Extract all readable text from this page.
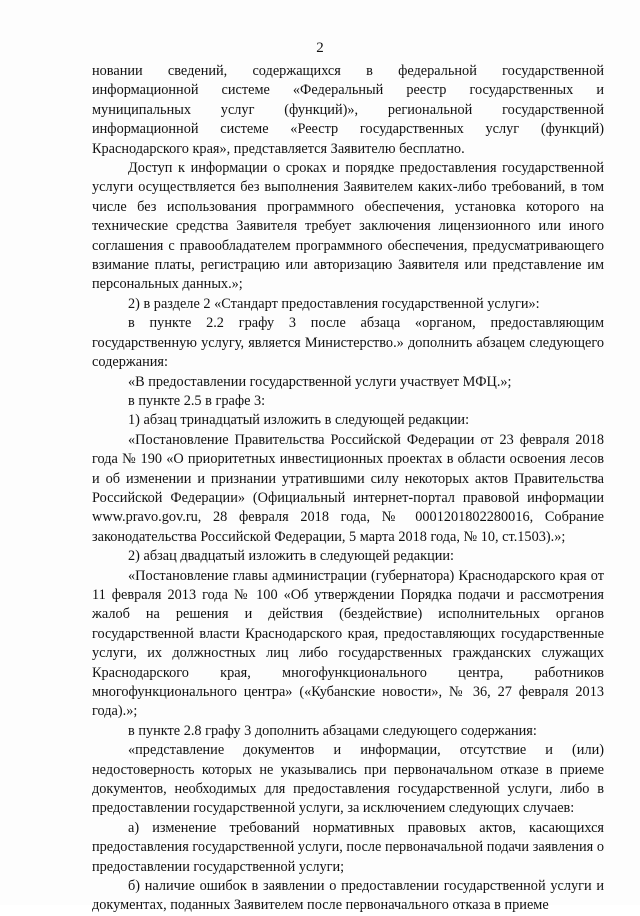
2

новании сведений, содержащихся в федеральной государственной информационной системе «Федеральный реестр государственных и муниципальных услуг (функций)», региональной государственной информационной системе «Реестр государственных услуг (функций) Краснодарского края», представляется Заявителю бесплатно.

Доступ к информации о сроках и порядке предоставления государственной услуги осуществляется без выполнения Заявителем каких-либо требований, в том числе без использования программного обеспечения, установка которого на технические средства Заявителя требует заключения лицензионного или иного соглашения с правообладателем программного обеспечения, предусматривающего взимание платы, регистрацию или авторизацию Заявителя или представление им персональных данных.»;

2) в разделе 2 «Стандарт предоставления государственной услуги»:

в пункте 2.2 графу 3 после абзаца «органом, предоставляющим государственную услугу, является Министерство.» дополнить абзацем следующего содержания:

«В предоставлении государственной услуги участвует МФЦ.»;

в пункте 2.5 в графе 3:

1) абзац тринадцатый изложить в следующей редакции:

«Постановление Правительства Российской Федерации от 23 февраля 2018 года № 190 «О приоритетных инвестиционных проектах в области освоения лесов и об изменении и признании утратившими силу некоторых актов Правительства Российской Федерации» (Официальный интернет-портал правовой информации www.pravo.gov.ru, 28 февраля 2018 года, № 0001201802280016, Собрание законодательства Российской Федерации, 5 марта 2018 года, № 10, ст.1503).»;

2) абзац двадцатый изложить в следующей редакции:

«Постановление главы администрации (губернатора) Краснодарского края от 11 февраля 2013 года № 100 «Об утверждении Порядка подачи и рассмотрения жалоб на решения и действия (бездействие) исполнительных органов государственной власти Краснодарского края, предоставляющих государственные услуги, их должностных лиц либо государственных гражданских служащих Краснодарского края, многофункционального центра, работников многофункционального центра» («Кубанские новости», № 36, 27 февраля 2013 года).»;

в пункте 2.8 графу 3 дополнить абзацами следующего содержания:

«представление документов и информации, отсутствие и (или) недостоверность которых не указывались при первоначальном отказе в приеме документов, необходимых для предоставления государственной услуги, либо в предоставлении государственной услуги, за исключением следующих случаев:

а) изменение требований нормативных правовых актов, касающихся предоставления государственной услуги, после первоначальной подачи заявления о предоставлении государственной услуги;

б) наличие ошибок в заявлении о предоставлении государственной услуги и документах, поданных Заявителем после первоначального отказа в приеме
